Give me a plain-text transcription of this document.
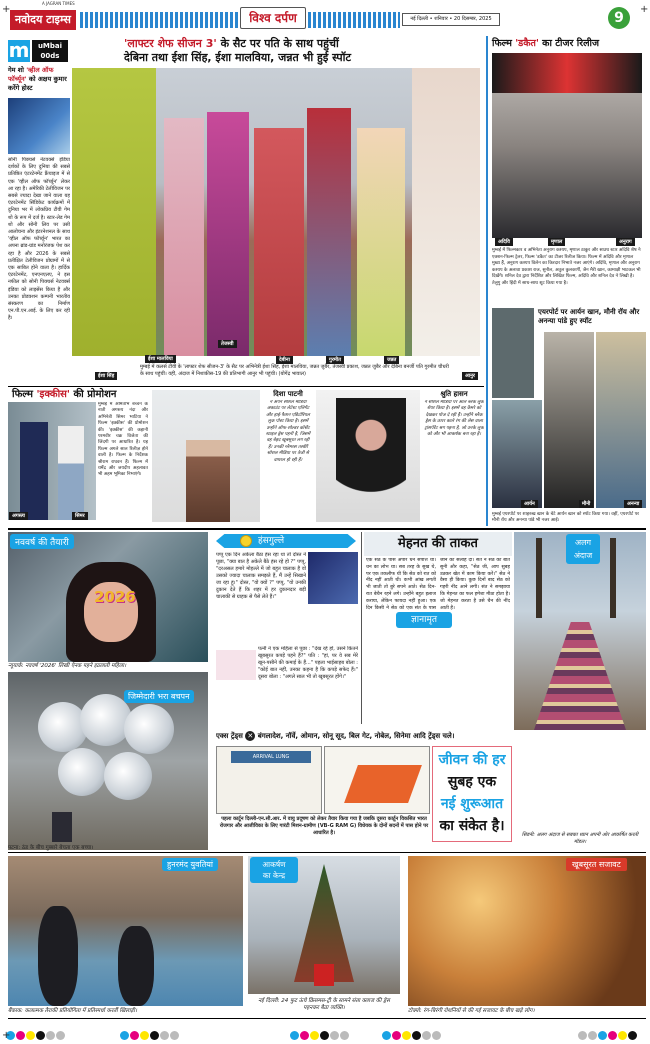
+	+
A JAGRAN TIMES
नवोदय टाइम्स	विश्व दर्पण	नई दिल्ली • शनिवार • 20 दिसम्बर, 2025	9
m	uMbai
00ds
गेम शो 'व्हील ऑफ फॉर्च्यून' को अक्षय कुमार करेंगे होस्ट
सोनी पिक्चर्स नेटवर्क्स इंडिया दर्शकों के लिए दुनिया की सबसे प्रतिष्ठित एंटरटेनमेंट फ्रैंचाइज में से एक 'व्हील ऑफ फॉर्च्यून' लेकर आ रहा है। अमेरिकी टेलीविजन पर सबसे ज्यादा देखा जाने वाला यह एंटरटेनमेंट सिंडिकेट कार्यक्रमों में दुनिया भर में लोकप्रिय टीवी गेम शो के रूप में दर्ज है। स्टार-लेड गेम शो और सोनी लिव पर उसी आलोचना और इंटरनेशनल के साथ 'व्हील ऑफ फॉर्च्यून' भारत का अपना ब्रांड-ग्रांड मनोरंजक पेश कर रहा है और 2026 के सबसे प्रतीक्षित टेलीविजन प्रोग्रामों में से एक साबित होने वाला है। हार्दिक एंटरटेनमेंट, एनएनएलए, ने इस नफील को सोनी पिक्चर्स नेटवर्क्स इंडिया को लाइसेंस किया है और उनका प्रोडक्शन कम्पनी भारतीय संस्करण का निर्माण एन.पी.एन.आई. के लिए कर रही है।
'लाफ्टर शेफ सीजन 3' के सैट पर पति के साथ पहुंचीं
देबिना तथा ईशा सिंह, ईशा मालविया, जन्नत भी हुई स्पॉट
ईशा सिंह
ईशा मालविया
तेजस्वी
देबीना	गुरमीत	जन्नत
आनुर
मुम्बई में कलर्स टीवी के 'लाफ्टर शेफ सीजन-3' के सैट पर अभिनेत्री ईशा सिंह, ईशा मालविया, जन्नत जुबैर, तेजस्वी प्रकाश, जन्नत जुबैर और देबिना बनर्जी पति गुरमीत चौधरी के साथ पहुंचीं। वहीं, अंदाज में निशाकीस-19 की प्रतिभागी आनुर भी पहुंची। (योगेंद्र भावाल)
फिल्म 'डकैत' का टीजर रिलीज
अदिवि	मृणाल	अनुराग
मुम्बई में फिल्मकार व अभिनेता अनुराग कश्यप, मृणाल ठाकुर और साउथ स्टार अदिवि शेष ने एक्शन-फिल्म ट्रेलर, फिल्म 'डकैत' का टीजर रिलीज किया। फिल्म में अदिवि और मृणाल मुख्य हैं, अनुराग कश्यप विलेन का किरदार निभाते नजर आएंगे। अदिवि, मृणाल और अनुराग कश्यप के अलावा प्रकाश राज, सुनील, अतुल कुलकर्णी, जैन मैरी खान, कामाक्षी भाटकल भी दिखेंगे। शनिल देव द्वारा निर्देशित और लिखित फिल्म, अदिवि और शनिल देव ने लिखी है। तेलुगु और हिंदी में साथ-साथ शूट किया गया है।
एयरपोर्ट पर आर्यन खान, मौनी रॉय और अनन्या पांडे हुए स्पॉट
आर्यन	मौनी	अनन्या
मुम्बई एयरपोर्ट पर शाहरुख खान के बेटे आर्यन खान को स्पॉट किया गया। वहीं, एयरपोर्ट पर मौनी रॉय और अनन्या पांडे भी नजर आईं।
फिल्म 'इक्कीस' की प्रोमोशन
अगस्त्य	सिमर
मुम्बई में अमिताभ बच्चन के नाती अगस्त्य नंदा और अभिनेत्री सिमर भाटिया ने फिल्म 'इक्कीस' की प्रोमोशन की। 'इक्कीस' की कहानी परमवीर चक्र विजेता की जिंदगी पर आधारित है। यह फिल्म अगले साल रिलीज़ होने वाली है। फिल्म के निर्देशक श्रीराम राघवन हैं। फिल्म में धर्मेंद्र और जयदीप अहलावत भी अहम भूमिका निभाएंगे।
दिशा पाटनी
ने अपने सोशल मीडिया अकाउंट पर लेटेस्ट एलिगेंट और हाई-फैशन एडिटोरियल लुक पोस्ट किया है। इसमें उन्होंने ऑफ-शोल्डर कॉर्सेट स्टाइल ड्रेस पहनी है, जिसमें वह बेहद खूबसूरत लग रही हैं। उनकी ग्लैमरस तस्वीरें सोशल मीडिया पर तेजी से वायरल हो रही हैं।
श्रुति हासन
ने सोशल मीडिया पर ऑल ब्लैक लुक शेयर किया है। इसमें वह कैमरे को देखकर पोज दे रही हैं। उन्होंने ब्लैक ड्रेस के ऊपर काले रंग की लेस वाला ट्रांसपेरेंट श्रग पहना है, जो उनके लुक को और भी आकर्षक बना रहा है।
2026
नववर्ष की तैयारी
न्यूयार्क: नववर्ष '2026' लिखी ऐनक पहने इठलाती महिला।
जिम्मेदारी भरा बचपन
पटना: ठंड के बीच गुब्बारे बेचता एक बच्चा।
हंसगुल्ले
पप्पू एक दिन अकेला बैठा हंस रहा था तो दोस्त ने पूछा, "क्या बात है अकेले बैठे हंस रहे हो ?" पप्पू, "दरअसल हमारे मोहल्ले में जो बहुत चालाक है वो उसको ज्यादा चालाक समझते हैं, मैं उन्हें सिखाने जा रहा हूं।" दोस्त, "वो क्यों ?" पप्पू, "वो उनकी दुकान देते हैं कि शहर में हर दुकानदार बड़ी चालाकी से ग्राहक से पैसे लेते हैं।"
पत्नी ने एक महिला से पूछा : "देख रहे हो, उसने कितने खूबसूरत कपड़े पहने हैं?" पति : "हां, पर वे सब मेरे खून-पसीने की कमाई के हैं..." पहला भाईसाहब बोला : "कोई बात नहीं, उनका कहना है कि कपड़े सफेद हैं।" दूसरा बोला : "अगले साल भी तो खूबसूरत होंगे।"
मेहनत की ताकत
एक सेठ के पास अपार धन संपत्ति थी। धन का लोभ था। सब तरह के सुख थे, पर एक तकलीफ थी कि सेठ को रात को नींद नहीं आती थी। कभी आंख लगती भी जाती तो बुरे सपने आते। सेठ दिन-रात बेचैन रहने लगे। उन्होंने बहुत इलाज कराया, लेकिन फायदा नहीं हुआ। एक दिन किसी ने सेठ को एक संत के पास जाने की सलाह दी। संत ने सेठ की बात सुनी और कहा, "सेठ जी, आप सुबह उठकर खेत में काम किया करें।" सेठ ने वैसा ही किया। कुछ दिनों बाद सेठ को गहरी नींद आने लगी। संत ने समझाया कि मेहनत का फल हमेशा मीठा होता है। जो मेहनत करता है उसे चैन की नींद आती है।
ज्ञानामृत
अलग
अंदाज
सिडनी: अलग अंदाज से सबका ध्यान अपनी ओर आकर्षित करती मॉडल।
एक्स ट्रेंड्स ✕ बंगलादेश, नॉर्वे, ओमान, सोनू सूद, बिल गेट, नोबेल, सिनेमा आदि ट्रेंड्स चले।
ARRIVAL LUNG
पहला कार्टून दिल्ली-एन.सी.आर. में वायु प्रदूषण को लेकर तैयार किया गया है जबकि दूसरा कार्टून विकसित भारत रोजगार और आजीविका के लिए गारंटी मिशन-ग्रामीण (VB-G RAM G) विधेयक के दोनों सदनों में पास होने पर आधारित है।
जीवन की हर
सुबह एक
नई शुरूआत
का संकेत है।
हुनरमंद युवतियां
बैंकाक: कलात्मक तैराकी प्रतियोगिता में प्रतिस्पर्धा करतीं खिलाड़ी।
आकर्षण
का केन्द्र
नई दिल्ली: 24 फुट ऊंचे क्रिसमस-ट्री के सामने संता क्लाज की ड्रेस पहनकर बैठा व्यक्ति।
खूबसूरत सजावट
टोक्यो: रंग-बिरंगी रोशनियों से की गई सजावट के बीच खड़े लोग।
+
